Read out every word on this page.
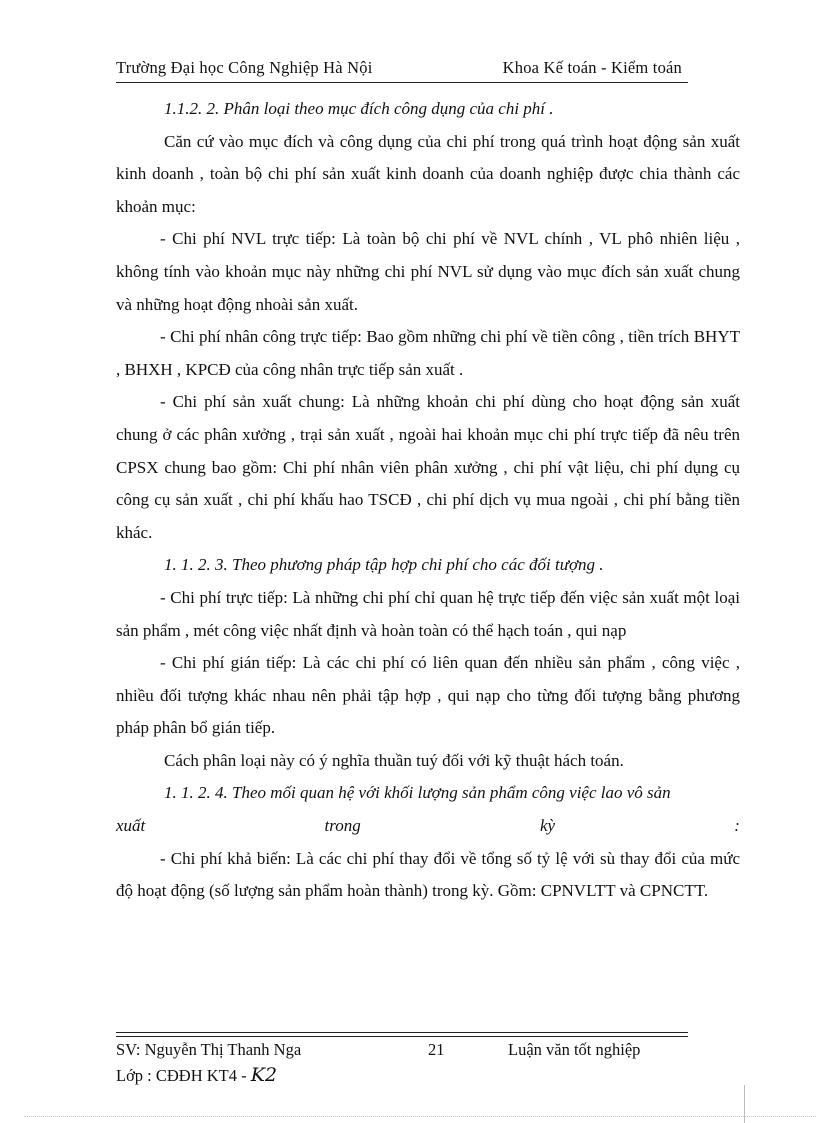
Trường Đại học Công Nghiệp Hà Nội	Khoa Kế toán - Kiểm toán

1.1.2. 2. Phân loại theo mục đích công dụng của chi phí .

Căn cứ vào mục đích và công dụng của chi phí trong quá trình hoạt động sản xuất kinh doanh , toàn bộ chi phí sản xuất kinh doanh của doanh nghiệp được chia thành các khoản mục:

- Chi phí NVL trực tiếp: Là toàn bộ chi phí về NVL chính , VL phô nhiên liệu , không tính vào khoản mục này những chi phí NVL sử dụng vào mục đích sản xuất chung và những hoạt động nhoài sản xuất.

- Chi phí nhân công trực tiếp: Bao gồm những chi phí về tiền công , tiền trích BHYT , BHXH , KPCĐ của công nhân trực tiếp sản xuất .

- Chi phí sản xuất chung: Là những khoản chi phí dùng cho hoạt động sản xuất chung ở các phân xưởng , trại sản xuất , ngoài hai khoản mục chi phí trực tiếp đã nêu trên CPSX chung bao gồm: Chi phí nhân viên phân xưởng , chi phí vật liệu, chi phí dụng cụ công cụ sản xuất , chi phí khấu hao TSCĐ , chi phí dịch vụ mua ngoài , chi phí bằng tiền khác.

1. 1. 2. 3. Theo phương pháp tập hợp chi phí cho các đối tượng .

- Chi phí trực tiếp: Là những chi phí chỉ quan hệ trực tiếp đến việc sản xuất một loại sản phẩm , mét công việc nhất định và hoàn toàn có thể hạch toán , qui nạp

- Chi phí gián tiếp: Là các chi phí có liên quan đến nhiều sản phẩm , công việc , nhiều đối tượng khác nhau nên phải tập hợp , qui nạp cho từng đối tượng bằng phương pháp phân bổ gián tiếp.

Cách phân loại này có ý nghĩa thuần tuý đối với kỹ thuật hách toán.

1. 1. 2. 4. Theo mối quan hệ với khối lượng sản phẩm công việc lao vô sản

xuất	trong	kỳ	:

- Chi phí khả biến: Là các chi phí thay đổi về tổng số tỷ lệ với sù thay đổi của mức độ hoạt động (số lượng sản phẩm hoàn thành) trong kỳ. Gồm: CPNVLTT và CPNCTT.

SV: Nguyễn Thị Thanh Nga	21	Luận văn tốt nghiệp
Lớp : CĐĐH KT4 - K2
